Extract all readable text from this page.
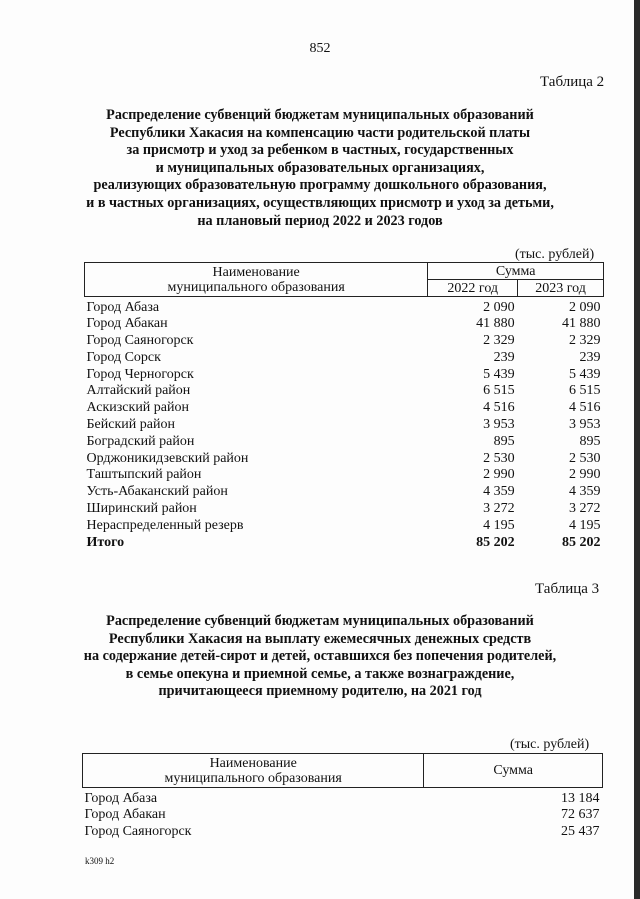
852
Таблица 2
Распределение субвенций бюджетам муниципальных образований
Республики Хакасия на компенсацию части родительской платы
за присмотр и уход за ребенком в частных, государственных
и муниципальных образовательных организациях,
реализующих образовательную программу дошкольного образования,
и в частных организациях, осуществляющих присмотр и уход за детьми,
на плановый период 2022 и 2023 годов
(тыс. рублей)
Наименование
муниципального образования	Сумма	
	2022 год	2023 год

Город Абаза	2 090	2 090
Город Абакан	41 880	41 880
Город Саяногорск	2 329	2 329
Город Сорск	239	239
Город Черногорск	5 439	5 439
Алтайский район	6 515	6 515
Аскизский район	4 516	4 516
Бейский район	3 953	3 953
Боградский район	895	895
Орджоникидзевский район	2 530	2 530
Таштыпский район	2 990	2 990
Усть-Абаканский район	4 359	4 359
Ширинский район	3 272	3 272
Нераспределенный резерв	4 195	4 195
Итого	85 202	85 202
Таблица 3
Распределение субвенций бюджетам муниципальных образований
Республики Хакасия на выплату ежемесячных денежных средств
на содержание детей-сирот и детей, оставшихся без попечения родителей,
в семье опекуна и приемной семье, а также вознаграждение,
причитающееся приемному родителю, на 2021 год
(тыс. рублей)
Наименование
муниципального образования	Сумма

Город Абаза	13 184
Город Абакан	72 637
Город Саяногорск	25 437
k309 h2
